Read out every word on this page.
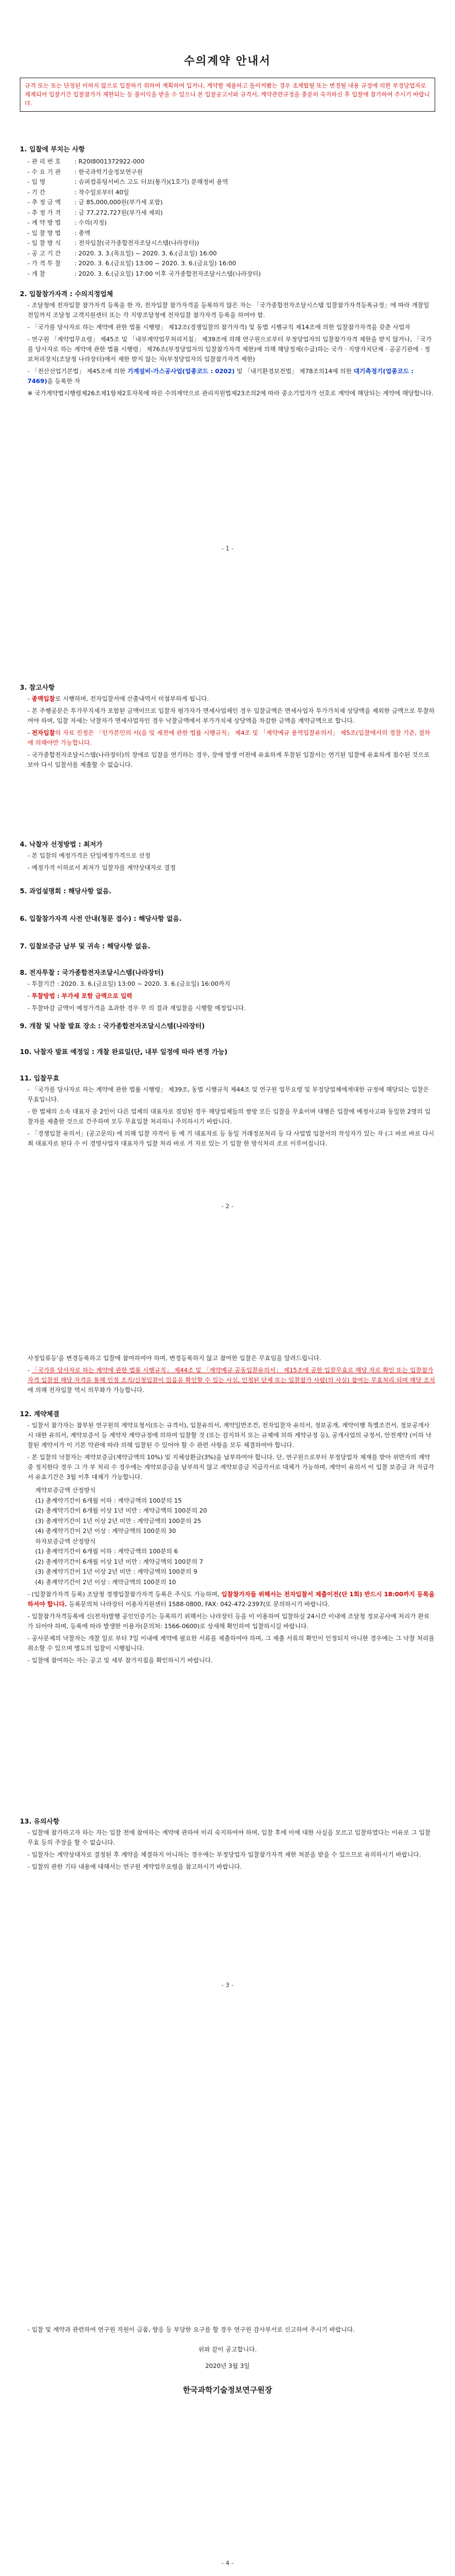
수의계약 안내서
규격 또는 또는 단정된 이하지 않으로 입찰하기 위하여 계획하여 입거나, 계약할 제품하고 돌이켜봤는 경우 조제합될 또는 변경될 내용 규정에 의한 부정당업자로 제재되어 입찰기간 입찰참가가 제한되는 등 불이익을 받을 수 있으니 본 입찰공고서와 규격서, 계약관련규정을 충분히 숙지하신 후 입찰에 참가하여 주시기 바랍니다.
1. 입찰에 부치는 사항
- 관 리 번 호 : R20I8001372922-000
- 수 요 기 관 : 한국과학기술정보연구원
- 입 명	: 슈퍼컴퓨팅서비스 고도 터보(통가)(1호기) 분해정비 용역
- 기 간	: 착수일로부터 40일
- 추 정 금 액 : 금 85,000,000원(부가세 포함)
- 추 정 가 격 : 금 77,272,727원(부가세 제외)
- 계 약 방 법 : 수의(지정)
- 입 찰 방 법 : 총액
- 입 찰 방 식 : 전자입찰(국가종합전자조달시스템(나라장터))
- 공 고 기 간 : 2020. 3. 3.(목요일) ~ 2020. 3. 6.(금요일) 16:00
- 가 격 투 찰 : 2020. 3. 6.(금요일) 13:00 ~ 2020. 3. 6.(금요일) 16:00
- 개 찰	: 2020. 3. 6.(금요일) 17:00 이후 국가종합전자조달시스템(나라장터)
2. 입찰참가자격 : 수의지정업체

- 조달청에 전자입찰 참가자격 등록을 한 자, 전자입찰 참가자격을 등록하지 않은 자는 「국가종합전자조달시스템 입찰참가자격등록규정」에 따라 개찰일 전일까지 조달청 고객지원센터 또는 각 지방조달청에 전자입찰 참가자격 등록을 하여야 함.

- 「국가를 당사자로 하는 계약에 관한 법률 시행령」 제12조(경쟁입찰의 참가자격) 및 동법 시행규칙 제14조에 의한 입찰참가자격을 갖춘 사업자

- 연구원 「계약업무요령」 제45조 및 「내부계약업무처리지침」 제39조에 의해 연구원으로부터 부정당업자의 입찰참가자격 제한을 받지 않거나, 「국가를 당사자로 하는 계약에 관한 법률 시행령」 제76조(부정당업자의 입찰참가자격 제한)에 의해 해당정제(수급)하는 국가 · 지방자치단체 · 공공기관에 · 정보처리장치(조달청 나라장터)에서 제한 받지 않는 자(부정당업자의 입찰참가자격 제한)

- 「전산선업기본법」 제45조에 의한 기계설비·가스공사업(업종코드 : 0202) 및 「내기환경보전법」 제78조의14에 의한 대기측정기(업종코드 : 7469)을 등록한 자

※ 국가계약법시행령제26조제1항제2호자목에 따른 수의계약으로 관리지원법제23조의2에 따라 중소기업자가 선호로 계약에 해당되는 계약에 해당합니다.

- 1 -
3. 참고사항

- 종액입찰로 시행하며, 전자입찰서에 산출내역서 미첨부하게 됩니다.

- 본 주행공문은 투가무지세가 포함된 금액이므로 입찰자 평가자가 면세사업체인 경우 입찰금액은 면세사업자 투가가치세 상당액을 제외한 금액으로 투찰하여야 하며, 입찰 자세는 낙찰자가 면세사업자인 경우 낙찰금액에서 부가가치세 상당액을 차감한 금액을 계약금액으로 합니다.

- 전자입찰의 자료 진정은 「인가본인의 서(을 및 제전에 관한 법률 시행규칙」 제4조 및 「계약예규 용역입찰유의서」 제5조(입찰에서의 경찰 기준, 절차에 의해야만 가능합니다.

- 국가종합전자조달시스템(나라장터)의 장애로 입찰을 연기하는 경우, 장애 발생 이전에 유효하게 투찰된 입찰서는 연기된 입찰에 유효하게 접수된 것으로 보아 다시 입찰서를 제출할 수 없습니다.

4. 낙찰자 선정방법 : 최저가

- 본 입찰의 예정가격은 단일예정가격으로 선정

- 예정가격 이하로서 최저가 입찰자를 계약상대자로 결정

5. 과업설명회 : 해당사항 없음.
6. 입찰참가자격 사전 안내(청문 접수) : 해당사항 없음.
7. 입찰보증금 납부 및 귀속 : 해당사항 없음.
8. 전자투찰 : 국가종합전자조달시스템(나라장터)

- 투찰기간 : 2020. 3. 6.(금요일) 13:00 ~ 2020. 3. 6.(금요일) 16:00까지

- 투찰방법 : 부가세 포함 금액으로 입력

- 투찰마감 금액이 예정가격을 초과한 경우 무 의 결과 재입찰을 시행할 예정입니다.

9. 개찰 및 낙찰 발표 장소 : 국가종합전자조달시스템(나라장터)
10. 낙찰자 발표 예정일 : 개찰 완료일(단, 내부 일정에 따라 변경 가능)
11. 입찰무효

- 「국가를 당사자로 하는 계약에 관한 법률 시행령」 제39조, 동법 시행규칙 제44조 및 연구원 업무요령 및 부정당업체에게대한 규정에 해당되는 입찰은 무효입니다.

- 한 법체의 소속 대표자 중 2인이 다른 업체의 대표자로 겸임된 경우 해당업체들의 쌍방 모든 입찰을 무효이며 대행은 입찰에 예정사고와 동일한 2명의 입찰자를 제출한 것으로 간주하며 모두 무효입찰 처리하니 주의하시기 바랍니다.

- 「경쟁입찰 유의서」(공고문의) 에 의해 입찰 자격이 동 예 기 대표자로 등 동일 거래정보처리 등 다 사업법 입찰서의 작성자가 있는 자 (그 바로 바로 다시 최 대표자로 된다 수 이 경영사업자 대표자가 입찰 처리 바로 거 자로 있는 기 입찰 한 방식처리 조로 이루어집니다.

- 2 -

사정입류등'을 변경등록하고 입찰에 참여하여야 하며, 변경등록하지 않고 참여한 입찰은 무효임을 알려드립니다.

- 「국가를 당사자로 하는 계약에 관한 법률 시행규칙」 제44조 및 「계약예규 공동입찰유의서」 제15조에 공한 입찰무효로 해당 자로 확인 또는 입찰참가자격 입찰전 해당 자격을 통해 인정 조직/신청입찰이 있음을 확인할 수 있는 사실, 인정된 단체 또는 입찰참가 사람(의 사실) 참여는 무효처리 되며 해당 조치에 의해 전자입찰 역시 의무화가 가능합니다.

12. 계약체결

- 입찰서 참가자는 참부된 연구원의 계약요청서(또는 규격서), 입찰유의서, 계약일반조건, 전자입찰자 유의서, 정보공개, 계약이행 특별조건서, 정보공개사시 대한 유의서, 계약보증서 등 계약자 계약규정에 의하여 입찰할 것 (또는 감지하지 또는 규제에 의하 계약규정 등), 공개사업의 규정서, 안전계약 (이하 낙찰된 계약서가 이 기본 약관에 따라 의해 입찰된 수 있어야 할 수 관련 사항을 모두 체결하여야 합니다.

- 본 입찰의 낙찰자는 계약보증금(계약금액의 10%) 및 지체상환금(3%)을 납부하여야 합니다. 단, 연구원으로부터 부정당업자 제재를 받아 위반자의 계약 중 정지한다 경우 그 가 부 처리 수 경우에는 계약보증금을 납부하지 않고 계약보증금 지급각서로 대체가 가능하며, 계약이 유의서 이 입찰 보증금 과 지급각서 유효기간은 3월 이후 대체가 가능합니다.

계약보증금액 산정방식
(1) 총계약기간이 6개월 이하 : 계약금액의 100분의 15
(2) 총계약기간이 6개월 이상 1년 미만 : 계약금액의 100분의 20
(3) 총계약기간이 1년 이상 2년 미만 : 계약금액의 100분의 25
(4) 총계약기간이 2년 이상 : 계약금액의 100분의 30
하자보증금액 산정방식
(1) 총계약기간이 6개월 이하 : 계약금액의 100분의 6
(2) 총계약기간이 6개월 이상 1년 미만 : 계약금액의 100분의 7
(3) 총계약기간이 1년 이상 2년 미만 : 계약금액의 100분의 9
(4) 총계약기간이 2년 이상 : 계약금액의 100분의 10

- (입찰참가자격 등록) 조달청 경쟁입찰참가자격 등록은 주식도 가능하며, 입찰참가자들 위해서는 전자입찰서 제출이전(단 1회) 반드시 18:00까지 등록을 하셔야 합니다. 등록문의처 나라장터 이용자지원센터 1588-0800, FAX: 042-472-2397(또 문의하시기 바랍니다.

- 입찰참가자격등록에 신(전자)발행 공인인증기는 등록하기 위해서는 나라장터 등을 이 이용하여 입찰하실 24시간 이내에 조달청 정보공사에 처리가 완료가 되어야 하며, 등록에 따라 발생한 이용자(문의처: 1566-0600)로 상세해 확인하여 입찰하시길 바랍니다.

- 공사문제의 낙찰자는 개찰 일로 부터 7일 이내에 계약에 필요한 서류를 제출하여야 하며, 그 제출 서류의 확인이 인정되지 아니한 경우에는 그 낙찰 처리를 취소할 수 있으며 별도의 입찰이 시행됩니다.

- 입찰에 참여하는 자는 공고 및 세부 참가지침을 확인하시기 바랍니다.

13. 유의사항

- 입찰에 참가하고자 하는 자는 입찰 전에 참여하는 계약에 관하여 미리 숙지하여야 하며, 입찰 후에 이에 대한 사실을 모르고 입찰하였다는 이유로 그 입찰 무효 등의 주장을 할 수 없습니다.

- 입찰자는 계약상대자로 결정된 후 계약을 체결하지 아니하는 경우에는 부정당업자 입찰참가자격 제한 처분을 받을 수 있으므로 유의하시기 바랍니다.

- 입찰의 관한 기타 내용에 대해서는 연구원 계약업무요령을 참고하시기 바랍니다.

- 3 -

- 입찰 및 계약과 관련하여 연구원 직원이 금품, 향응 등 부당한 요구를 할 경우 연구원 감사부서로 신고하여 주시기 바랍니다.

위와 같이 공고합니다.

2020년 3월 3일

한국과학기술정보연구원장

- 4 -
